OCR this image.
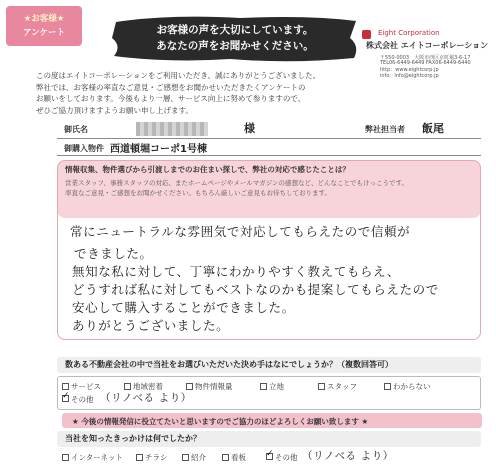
★お客様★
アンケート	お客様の声を大切にしています。
あなたの声をお聞かせください。
Eight Corporation
株式会社 エイトコーポレーション
〒550-0003　大阪市西区京町堀3-6-17
TEL06-6449-6449 FAX06-6449-6440
http：www.eightcorp.jp
info：info@eightcorp.jp
この度はエイトコーポレーションをご利用いただき、誠にありがとうございました。
弊社では、お客様の率直なご意見・ご感想をお聞かせいただきたくアンケートの
お願いをしております。今後もより一層、サービス向上に努めて参りますので、
ぜひご協力頂けますようお願い申し上げます。
御氏名	様	弊社担当者 飯尾
御購入物件 西道頓堀コーポ1号棟
情報収集、物件選びから引渡しまでのお住まい探しで、弊社の対応で感じたことは？
営業スタッフ、事務スタッフの対応、またホームページやメールマガジンの感想など、どんなことでもけっこうです。
率直なご意見・ご感想をお聞かせください。もちろん厳しいご意見もお待ちしております。
常にニュートラルな雰囲気で対応してもらえたので信頼が
できました。
無知な私に対して、丁寧にわかりやすく教えてもらえ、
どうすれば私に対してもベストなのかも提案してもらえたので
安心して購入することができました。
ありがとうございました。
数ある不動産会社の中で当社をお選びいただいた決め手はなにでしょうか？（複数回答可）
サービス	地域密着	物件情報量	立地	スタッフ	わからない
✓その他 （リノベる より）
★ 今後の情報発信に役立てたいと思いますのでご協力のほどよろしくお願い致します ★
当社を知ったきっかけは何でしたか？
インターネット	チラシ	紹介	看板
✓	その他 （リノベる より）
